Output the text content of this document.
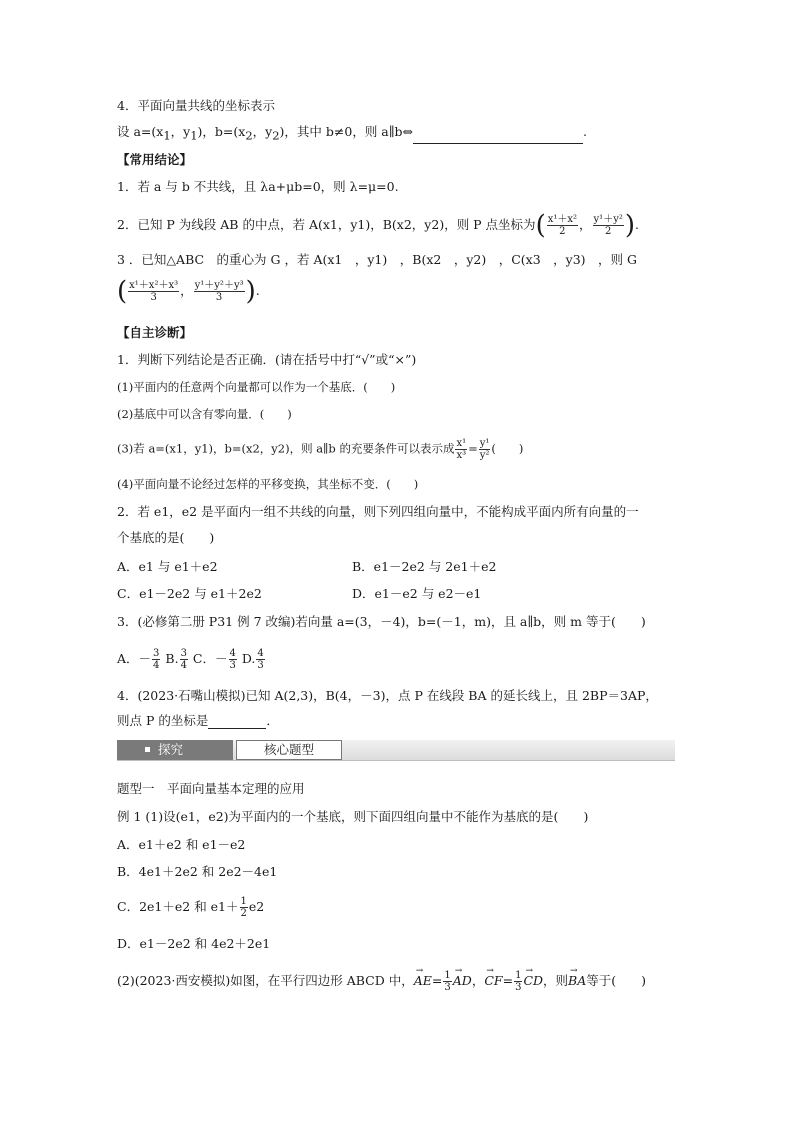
4．平面向量共线的坐标表示
设 $a=(x_1$，$y_1$)，$b=(x_2$，$y_2$)，其中 b≠0，则 a∥b⇔	.
【常用结论】
1．若 a 与 b 不共线，且 λa+μb=0，则 λ=μ=0.
2．已知 P 为线段 AB 的中点，若 A(x1，y1)，B(x2，y2)，则 P 点坐标为( $\frac{\text{x¹＋x²}}{2}$ ， $\frac{\text{y¹＋y²}}{2}$ ).
3 ．已知△ABC　的重心为 G ，若 A(x1　，y1)　，B(x2　，y2)　，C(x3　，y3)　，则 G
( $\frac{\text{x¹＋x²＋x³}}{3}$ ， $\frac{\text{y¹＋y²＋y³}}{3}$ ).
【自主诊断】
1．判断下列结论是否正确．(请在括号中打“√”或“×”)
(1)平面内的任意两个向量都可以作为一个基底．(　　)
(2)基底中可以含有零向量．(　　)
(3)若 a=(x1，y1)，b=(x2，y2)，则 a∥b 的充要条件可以表示成 $\frac{\text{x¹}}{\text{x³}} = \frac{\text{y¹}}{\text{y²}}$ (　　)
(4)平面向量不论经过怎样的平移变换，其坐标不变．(　　)
2．若 e1，e2 是平面内一组不共线的向量，则下列四组向量中，不能构成平面内所有向量的一
个基底的是(　　)
A．e1 与 e1＋e2	B．e1－2e2 与 2e1＋e2
C．e1－2e2 与 e1＋2e2	D．e1－e2 与 e2－e1
3．(必修第二册 P31 例 7 改编)若向量 a=(3，－4)，b=(－1，m)，且 a∥b，则 m 等于(　　)
A．－ $\frac{3}{4} B$. $\frac{3}{4}$ C．－ $\frac{4}{3} D$. $\frac{4}{3}$
4．(2023·石嘴山模拟)已知 A(2,3)，B(4，－3)，点 P 在线段 BA 的延长线上，且 2BP＝3AP，
则点 P 的坐标是	．
探究	核心题型
题型一　平面向量基本定理的应用
例 1 (1)设(e1，e2)为平面内的一个基底，则下面四组向量中不能作为基底的是(　　)
A．e1＋e2 和 e1－e2
B．4e1＋2e2 和 2e2－4e1
C．2e1＋e2 和 $e1+ \frac{1}{2} e2$
D．e1－2e2 和 4e2＋2e1
(2)(2023·西安模拟)如图，在平行四边形 ABCD 中，→ $AE= \frac{1}{3}$ → AD，→ $CF= \frac{1}{3}$ → CD，则→ BA等于(　　)
